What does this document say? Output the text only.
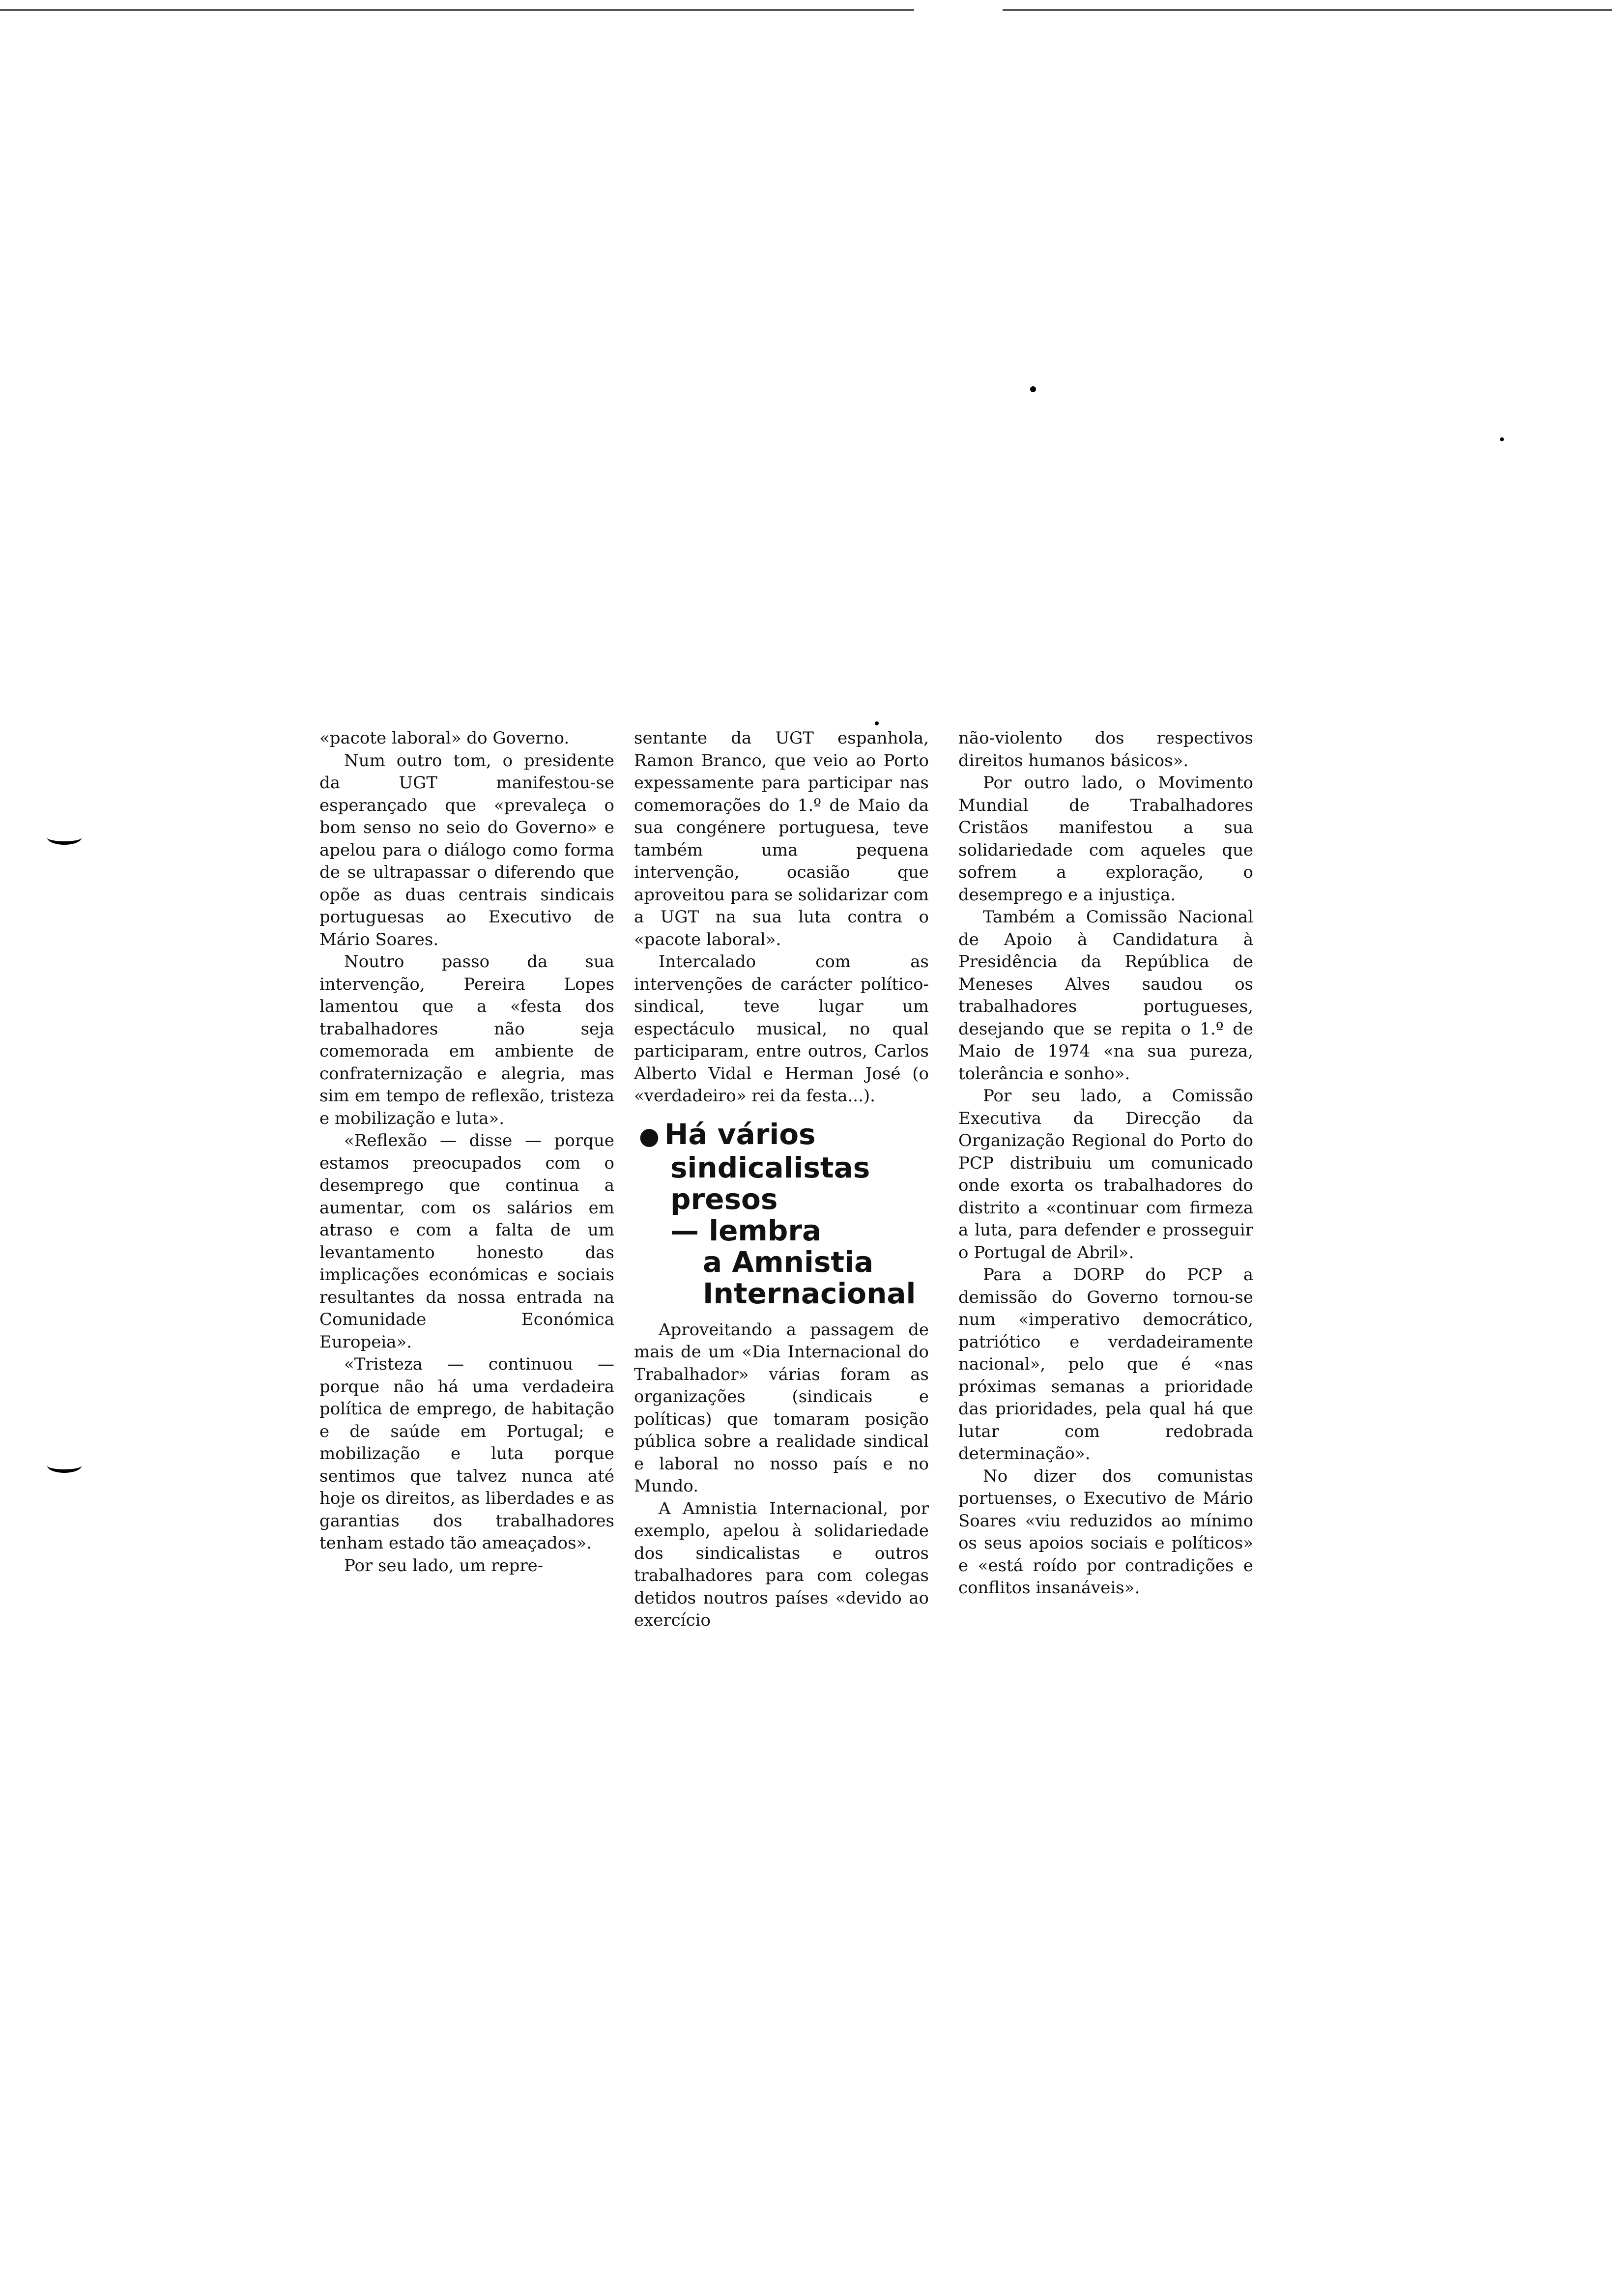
«pacote laboral» do Governo.

Num outro tom, o presidente da UGT manifestou-se esperançado que «prevaleça o bom senso no seio do Governo» e apelou para o diálogo como forma de se ultrapassar o diferendo que opõe as duas centrais sindicais portuguesas ao Executivo de Mário Soares.

Noutro passo da sua intervenção, Pereira Lopes lamentou que a «festa dos trabalhadores não seja comemorada em ambiente de confraternização e alegria, mas sim em tempo de reflexão, tristeza e mobilização e luta».

«Reflexão — disse — porque estamos preocupados com o desemprego que continua a aumentar, com os salários em atraso e com a falta de um levantamento honesto das implicações económicas e sociais resultantes da nossa entrada na Comunidade Económica Europeia».

«Tristeza — continuou — porque não há uma verdadeira política de emprego, de habitação e de saúde em Portugal; e mobilização e luta porque sentimos que talvez nunca até hoje os direitos, as liberdades e as garantias dos trabalhadores tenham estado tão ameaçados».

Por seu lado, um repre-

sentante da UGT espanhola, Ramon Branco, que veio ao Porto expessamente para participar nas comemorações do 1.º de Maio da sua congénere portuguesa, teve também uma pequena intervenção, ocasião que aproveitou para se solidarizar com a UGT na sua luta contra o «pacote laboral».

Intercalado com as intervenções de carácter político-sindical, teve lugar um espectáculo musical, no qual participaram, entre outros, Carlos Alberto Vidal e Herman José (o «verdadeiro» rei da festa...).

● Há vários
sindicalistas
presos
— lembra
a Amnistia
Internacional

Aproveitando a passagem de mais de um «Dia Internacional do Trabalhador» várias foram as organizações (sindicais e políticas) que tomaram posição pública sobre a realidade sindical e laboral no nosso país e no Mundo.

A Amnistia Internacional, por exemplo, apelou à solidariedade dos sindicalistas e outros trabalhadores para com colegas detidos noutros países «devido ao exercício

não-violento dos respectivos direitos humanos básicos».

Por outro lado, o Movimento Mundial de Trabalhadores Cristãos manifestou a sua solidariedade com aqueles que sofrem a exploração, o desemprego e a injustiça.

Também a Comissão Nacional de Apoio à Candidatura à Presidência da República de Meneses Alves saudou os trabalhadores portugueses, desejando que se repita o 1.º de Maio de 1974 «na sua pureza, tolerância e sonho».

Por seu lado, a Comissão Executiva da Direcção da Organização Regional do Porto do PCP distribuiu um comunicado onde exorta os trabalhadores do distrito a «continuar com firmeza a luta, para defender e prosseguir o Portugal de Abril».

Para a DORP do PCP a demissão do Governo tornou-se num «imperativo democrático, patriótico e verdadeiramente nacional», pelo que é «nas próximas semanas a prioridade das prioridades, pela qual há que lutar com redobrada determinação».

No dizer dos comunistas portuenses, o Executivo de Mário Soares «viu reduzidos ao mínimo os seus apoios sociais e políticos» e «está roído por contradições e conflitos insanáveis».
